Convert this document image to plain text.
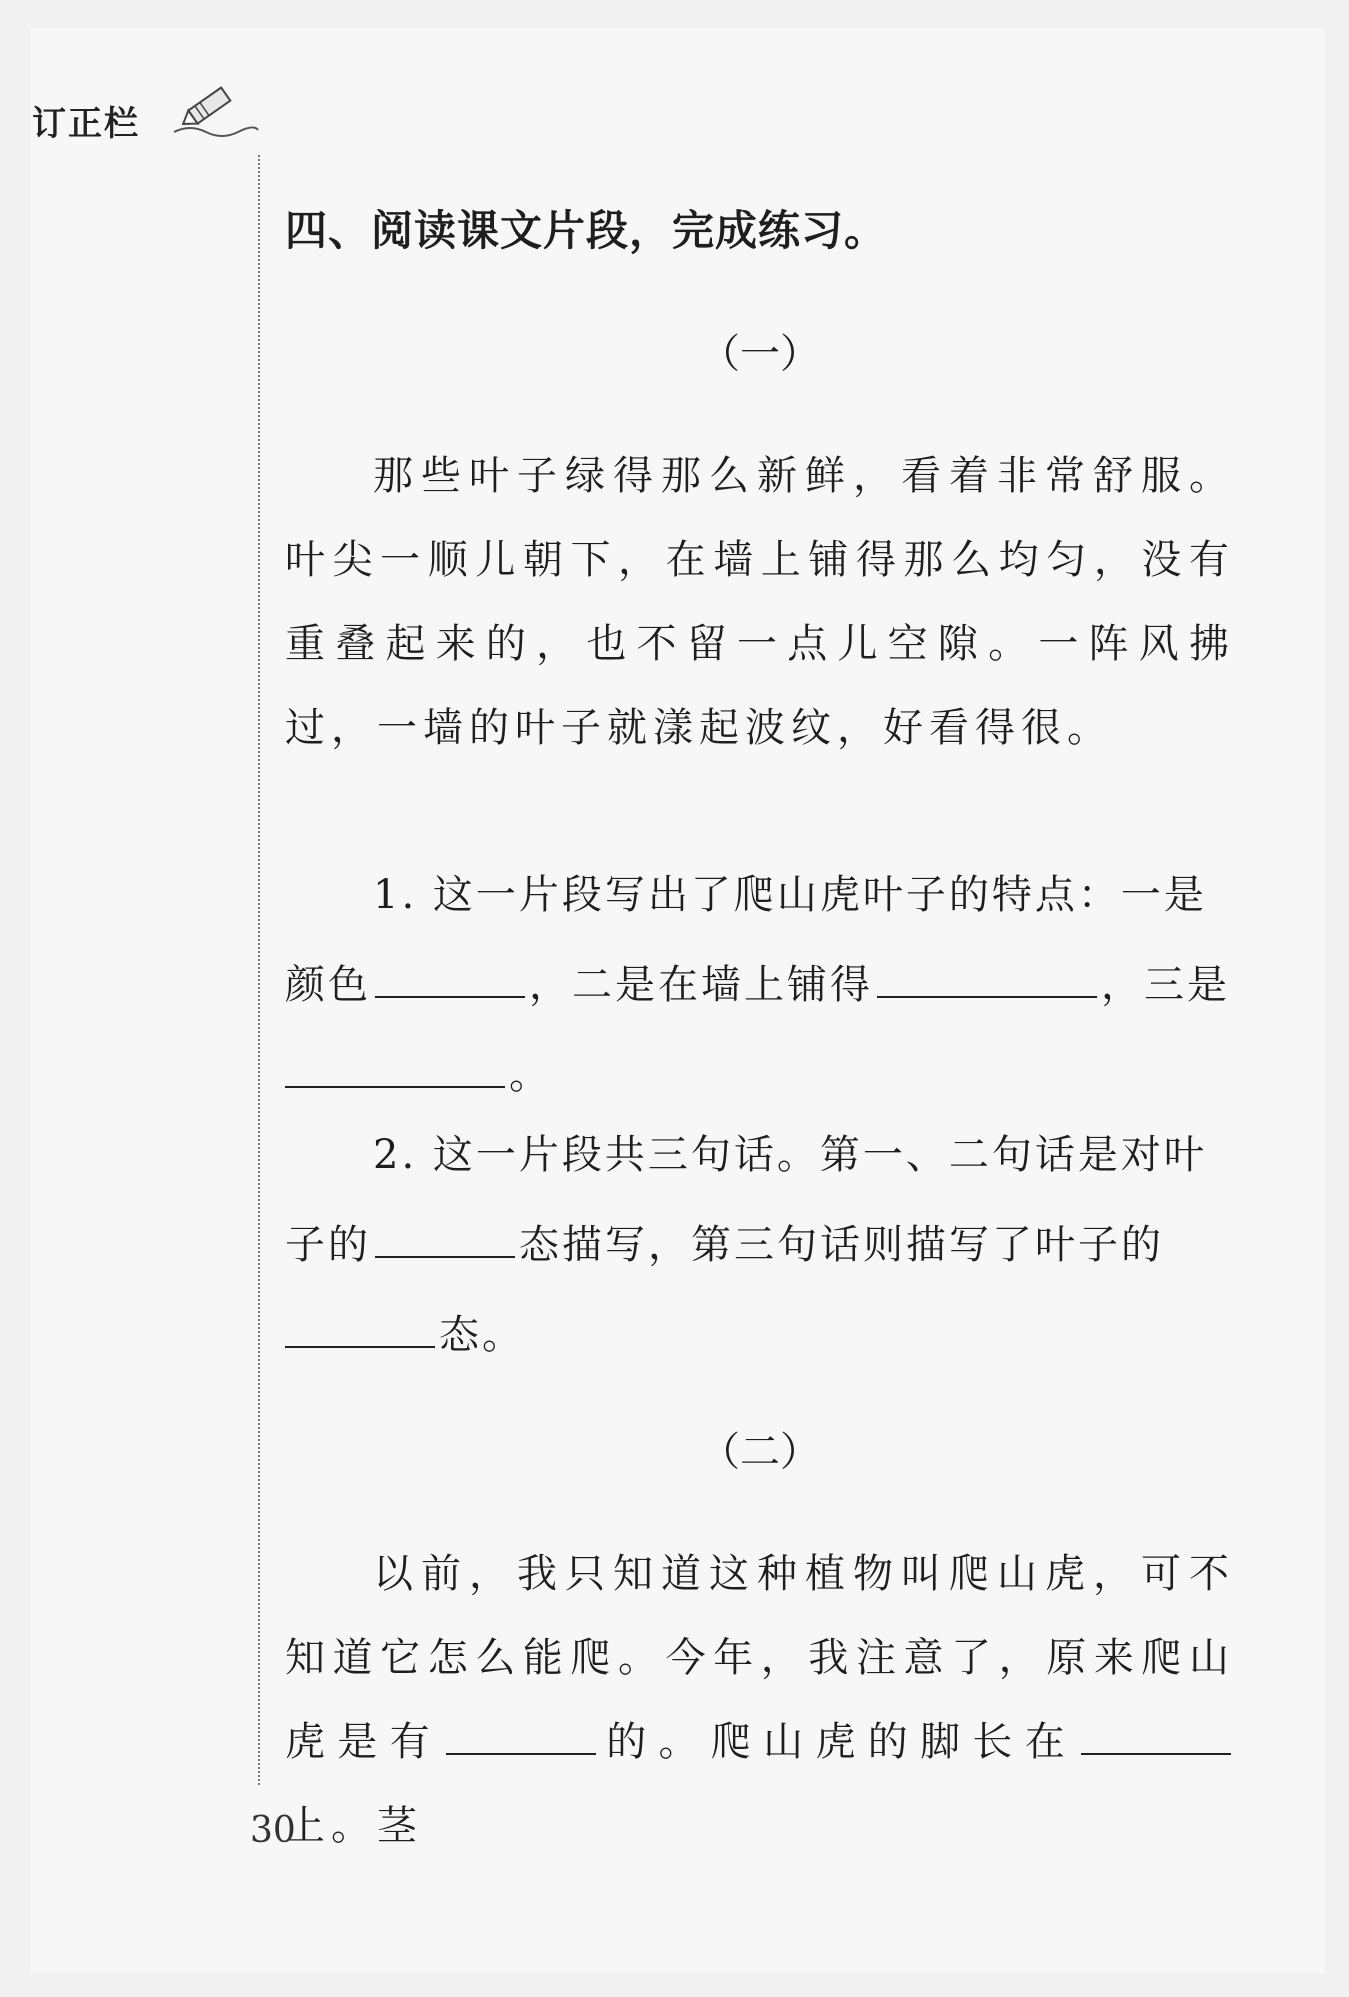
订正栏
四、阅读课文片段，完成练习。
（一）

那些叶子绿得那么新鲜，看着非常舒服。叶尖一顺儿朝下，在墙上铺得那么均匀，没有重叠起来的，也不留一点儿空隙。一阵风拂过，一墙的叶子就漾起波纹，好看得很。

1. 这一片段写出了爬山虎叶子的特点：一是颜色	，二是在墙上铺得	，三是
。

2. 这一片段共三句话。第一、二句话是对叶子的	态描写，第三句话则描写了叶子的
态。

（二）

以前，我只知道这种植物叫爬山虎，可不知道它怎么能爬。今年，我注意了，原来爬山虎是有	的。爬山虎的脚长在上。茎

30
